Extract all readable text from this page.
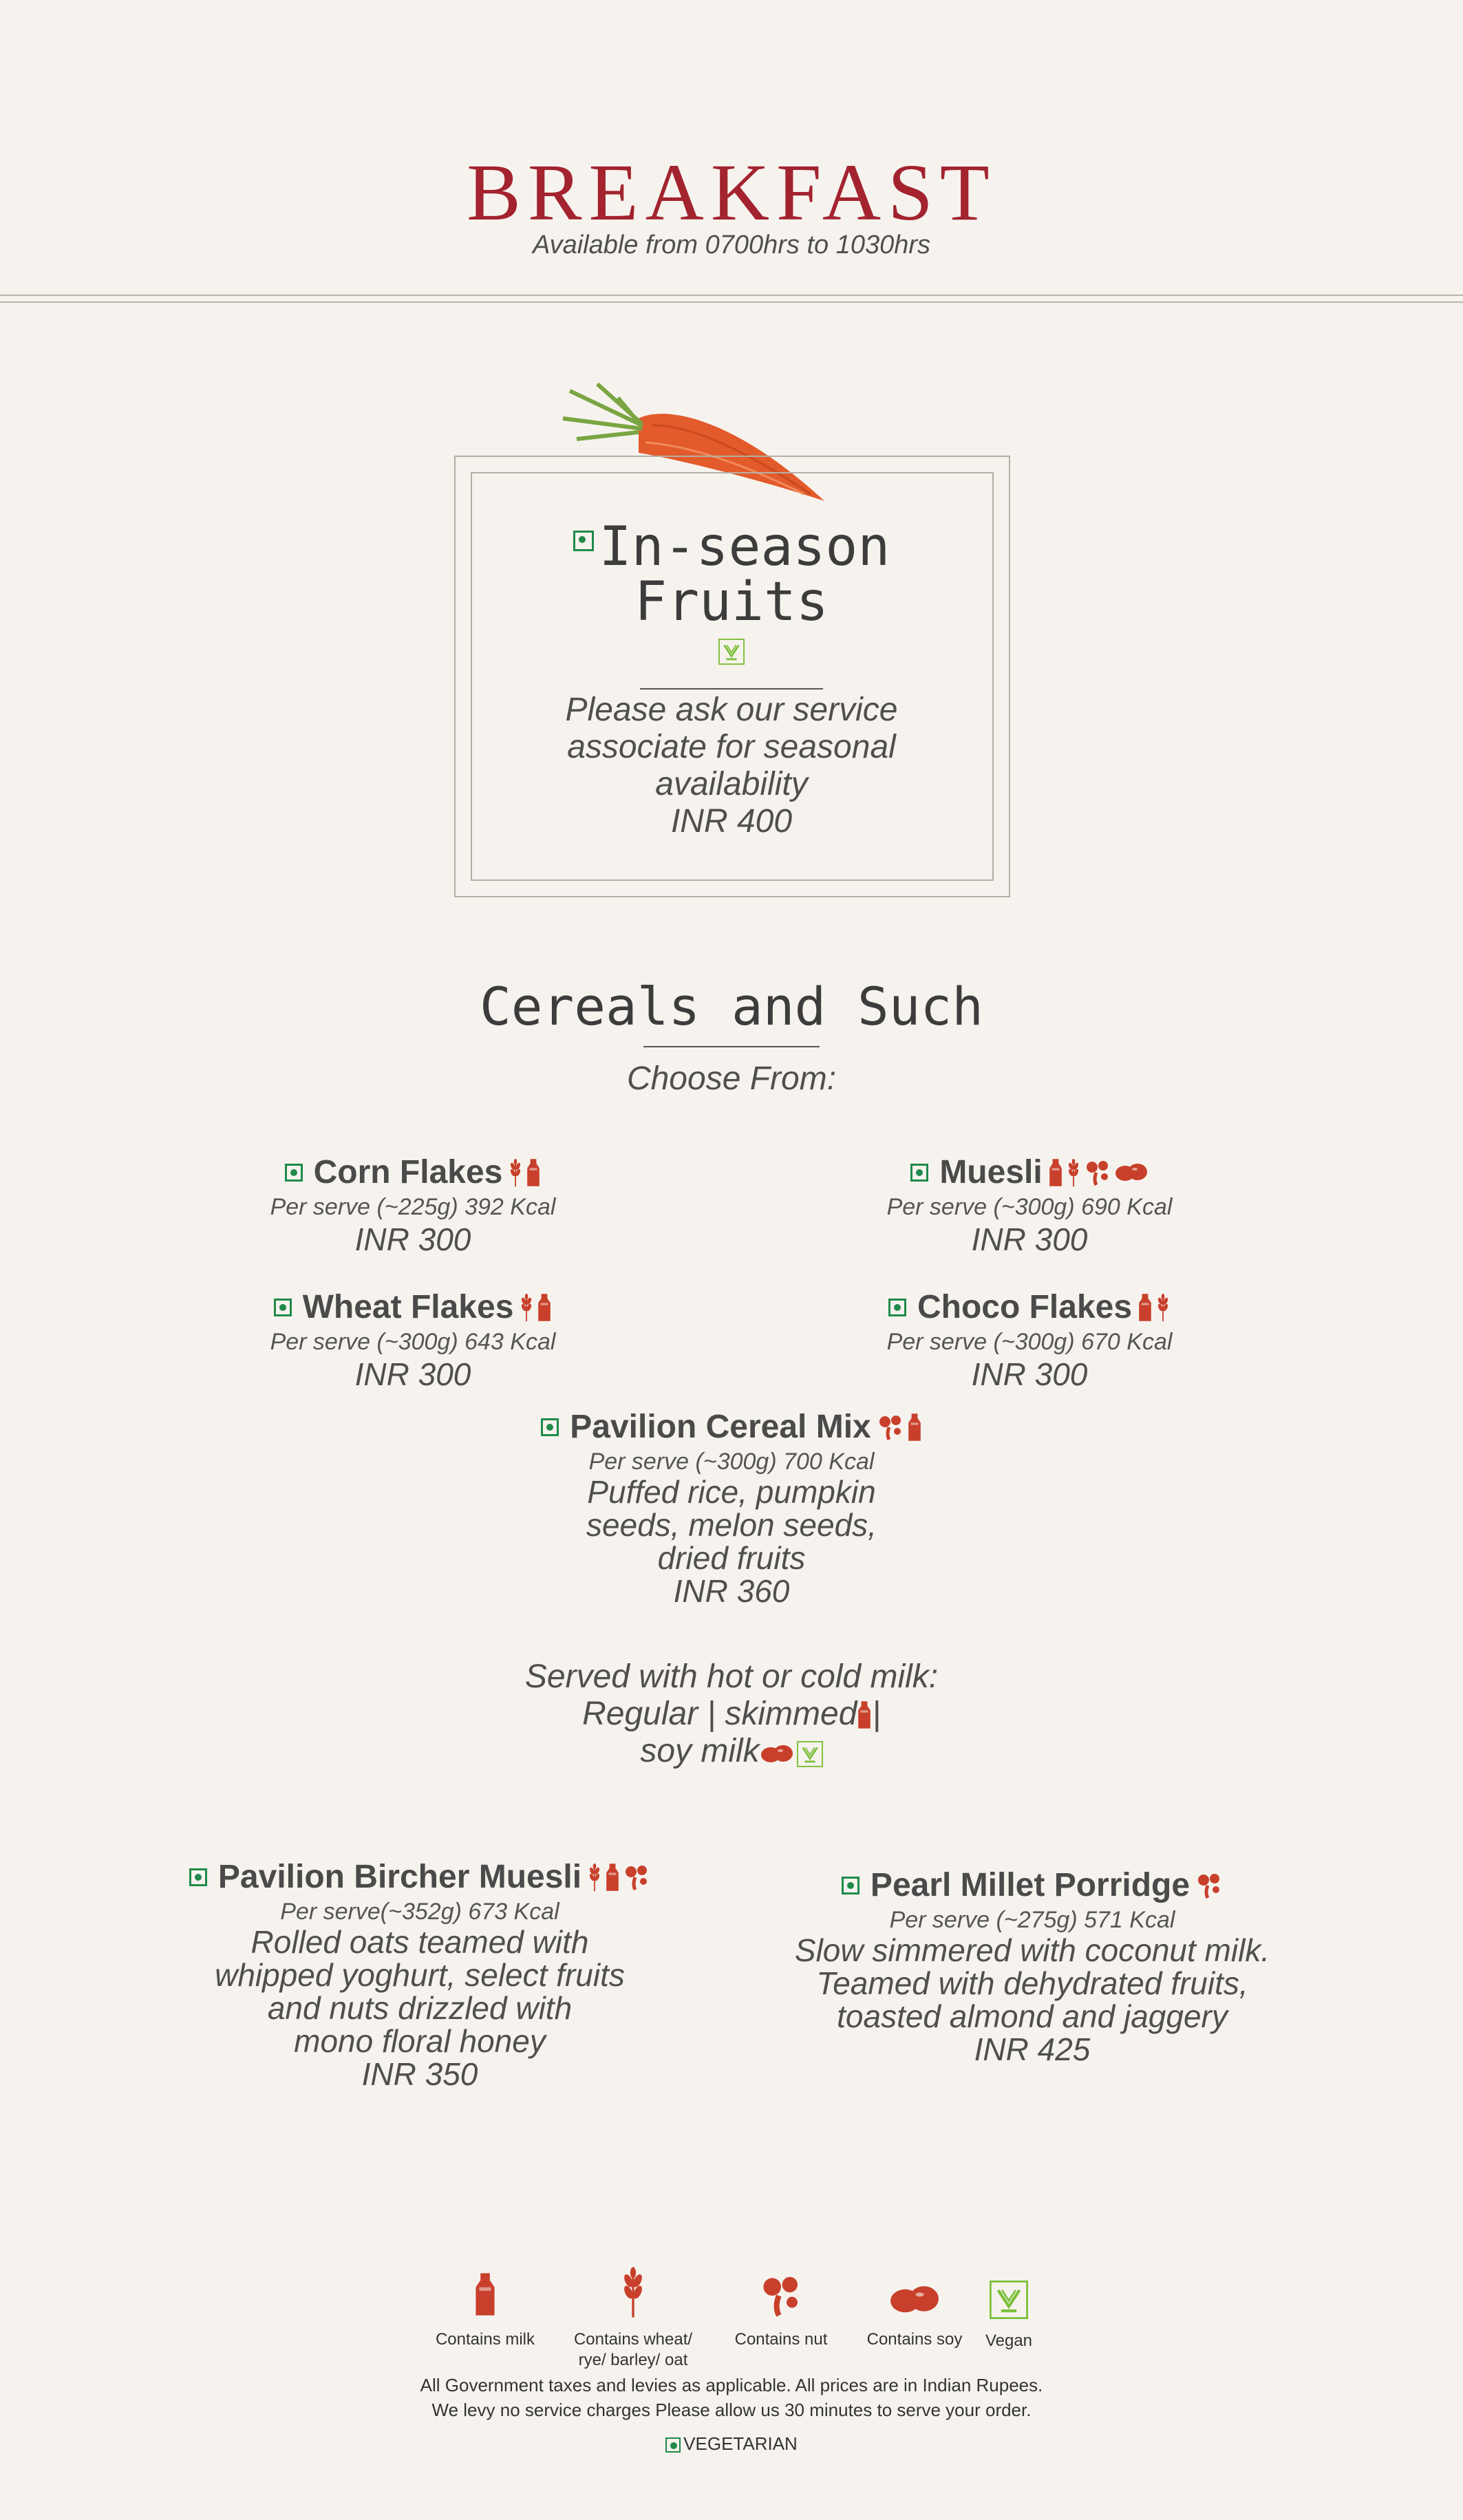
BREAKFAST
Available from 0700hrs to 1030hrs
In-season
Fruits
Please ask our service
associate for seasonal
availability
INR 400
Cereals and Such
Choose From:
Corn Flakes
Per serve (~225g) 392 Kcal
INR 300
Muesli
Per serve (~300g) 690 Kcal
INR 300
Wheat Flakes
Per serve (~300g) 643 Kcal
INR 300
Choco Flakes
Per serve (~300g) 670 Kcal
INR 300
Pavilion Cereal Mix
Per serve (~300g) 700 Kcal
Puffed rice, pumpkin
seeds, melon seeds,
dried fruits
INR 360
Served with hot or cold milk:
Regular | skimmed |
soy milk
Pavilion Bircher Muesli
Per serve(~352g) 673 Kcal
Rolled oats teamed with
whipped yoghurt, select fruits
and nuts drizzled with
mono floral honey
INR 350
Pearl Millet Porridge
Per serve (~275g) 571 Kcal
Slow simmered with coconut milk.
Teamed with dehydrated fruits,
toasted almond and jaggery
INR 425
Contains milk	Contains wheat/
rye/ barley/ oat
Contains nut	Contains soy	Vegan
All Government taxes and levies as applicable. All prices are in Indian Rupees.
We levy no service charges Please allow us 30 minutes to serve your order.
VEGETARIAN
